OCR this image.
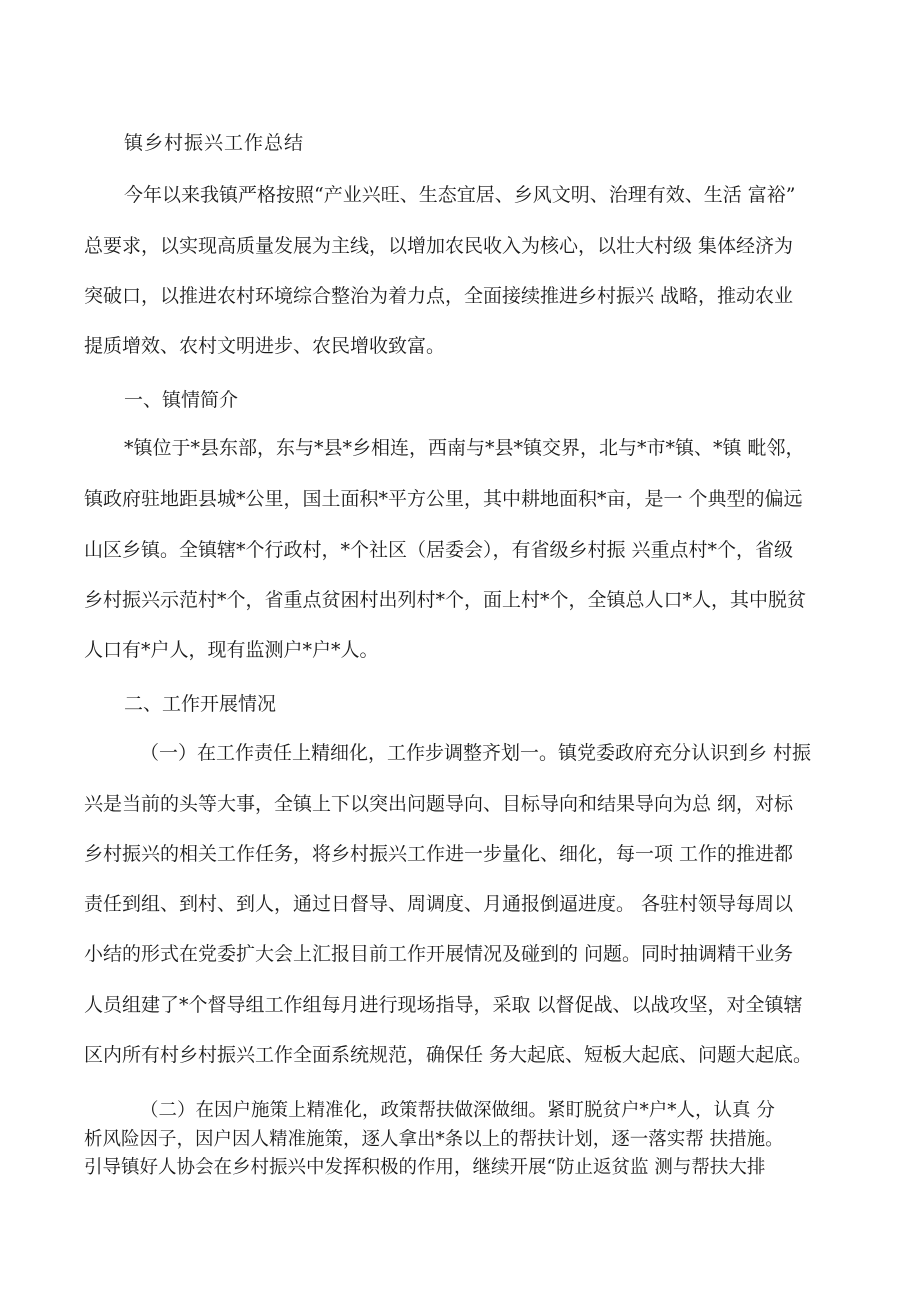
镇乡村振兴工作总结
今年以来我镇严格按照“产业兴旺、生态宜居、乡风文明、治理有效、生活 富裕”
总要求，以实现高质量发展为主线，以增加农民收入为核心，以壮大村级 集体经济为
突破口，以推进农村环境综合整治为着力点，全面接续推进乡村振兴 战略，推动农业
提质增效、农村文明进步、农民增收致富。
一、镇情简介
*镇位于*县东部，东与*县*乡相连，西南与*县*镇交界，北与*市*镇、*镇 毗邻，
镇政府驻地距县城*公里，国土面积*平方公里，其中耕地面积*亩，是一 个典型的偏远
山区乡镇。全镇辖*个行政村，*个社区（居委会），有省级乡村振 兴重点村*个，省级
乡村振兴示范村*个，省重点贫困村出列村*个，面上村*个，全镇总人口*人，其中脱贫
人口有*户人，现有监测户*户*人。
二、工作开展情况
（一）在工作责任上精细化，工作步调整齐划一。镇党委政府充分认识到乡 村振
兴是当前的头等大事，全镇上下以突出问题导向、目标导向和结果导向为总 纲，对标
乡村振兴的相关工作任务，将乡村振兴工作进一步量化、细化，每一项 工作的推进都
责任到组、到村、到人，通过日督导、周调度、月通报倒逼进度。 各驻村领导每周以
小结的形式在党委扩大会上汇报目前工作开展情况及碰到的 问题。同时抽调精干业务
人员组建了*个督导组工作组每月进行现场指导，采取 以督促战、以战攻坚，对全镇辖
区内所有村乡村振兴工作全面系统规范，确保任 务大起底、短板大起底、问题大起底。
（二）在因户施策上精准化，政策帮扶做深做细。紧盯脱贫户*户*人，认真 分
析风险因子，因户因人精准施策，逐人拿出*条以上的帮扶计划，逐一落实帮 扶措施。
引导镇好人协会在乡村振兴中发挥积极的作用，继续开展“防止返贫监 测与帮扶大排
